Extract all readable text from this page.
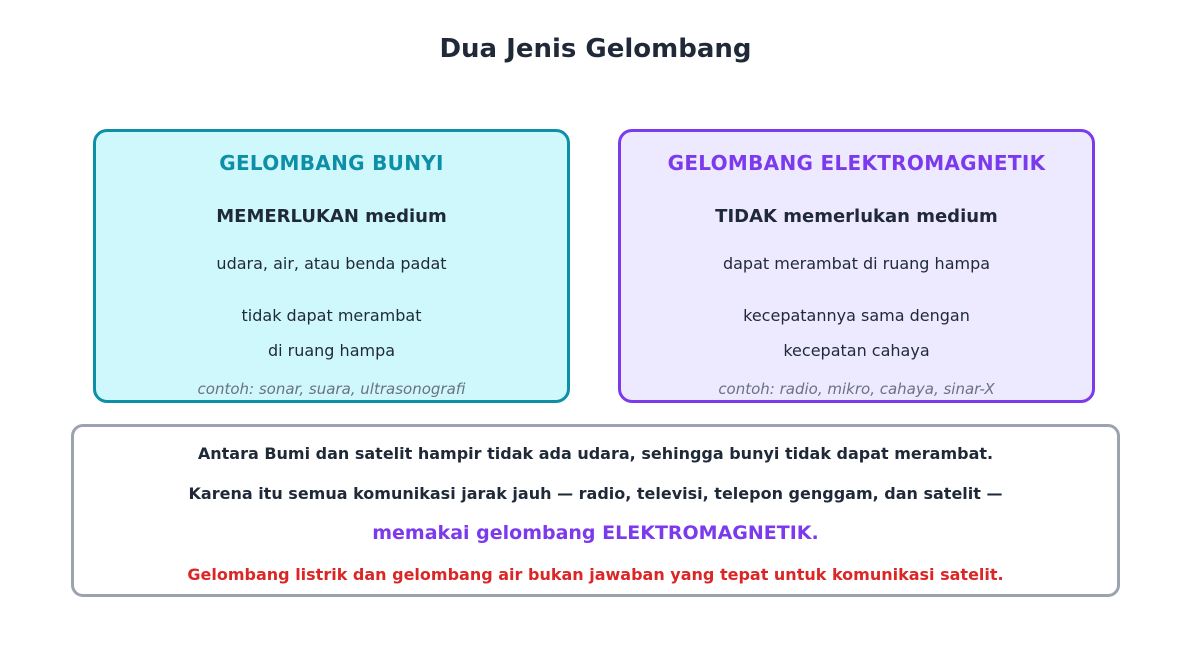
Dua Jenis Gelombang
GELOMBANG BUNYI
MEMERLUKAN medium
udara, air, atau benda padat
tidak dapat merambat
di ruang hampa
contoh: sonar, suara, ultrasonografi
GELOMBANG ELEKTROMAGNETIK
TIDAK memerlukan medium
dapat merambat di ruang hampa
kecepatannya sama dengan
kecepatan cahaya
contoh: radio, mikro, cahaya, sinar-X
Antara Bumi dan satelit hampir tidak ada udara, sehingga bunyi tidak dapat merambat.
Karena itu semua komunikasi jarak jauh — radio, televisi, telepon genggam, dan satelit —
memakai gelombang ELEKTROMAGNETIK.
Gelombang listrik dan gelombang air bukan jawaban yang tepat untuk komunikasi satelit.
